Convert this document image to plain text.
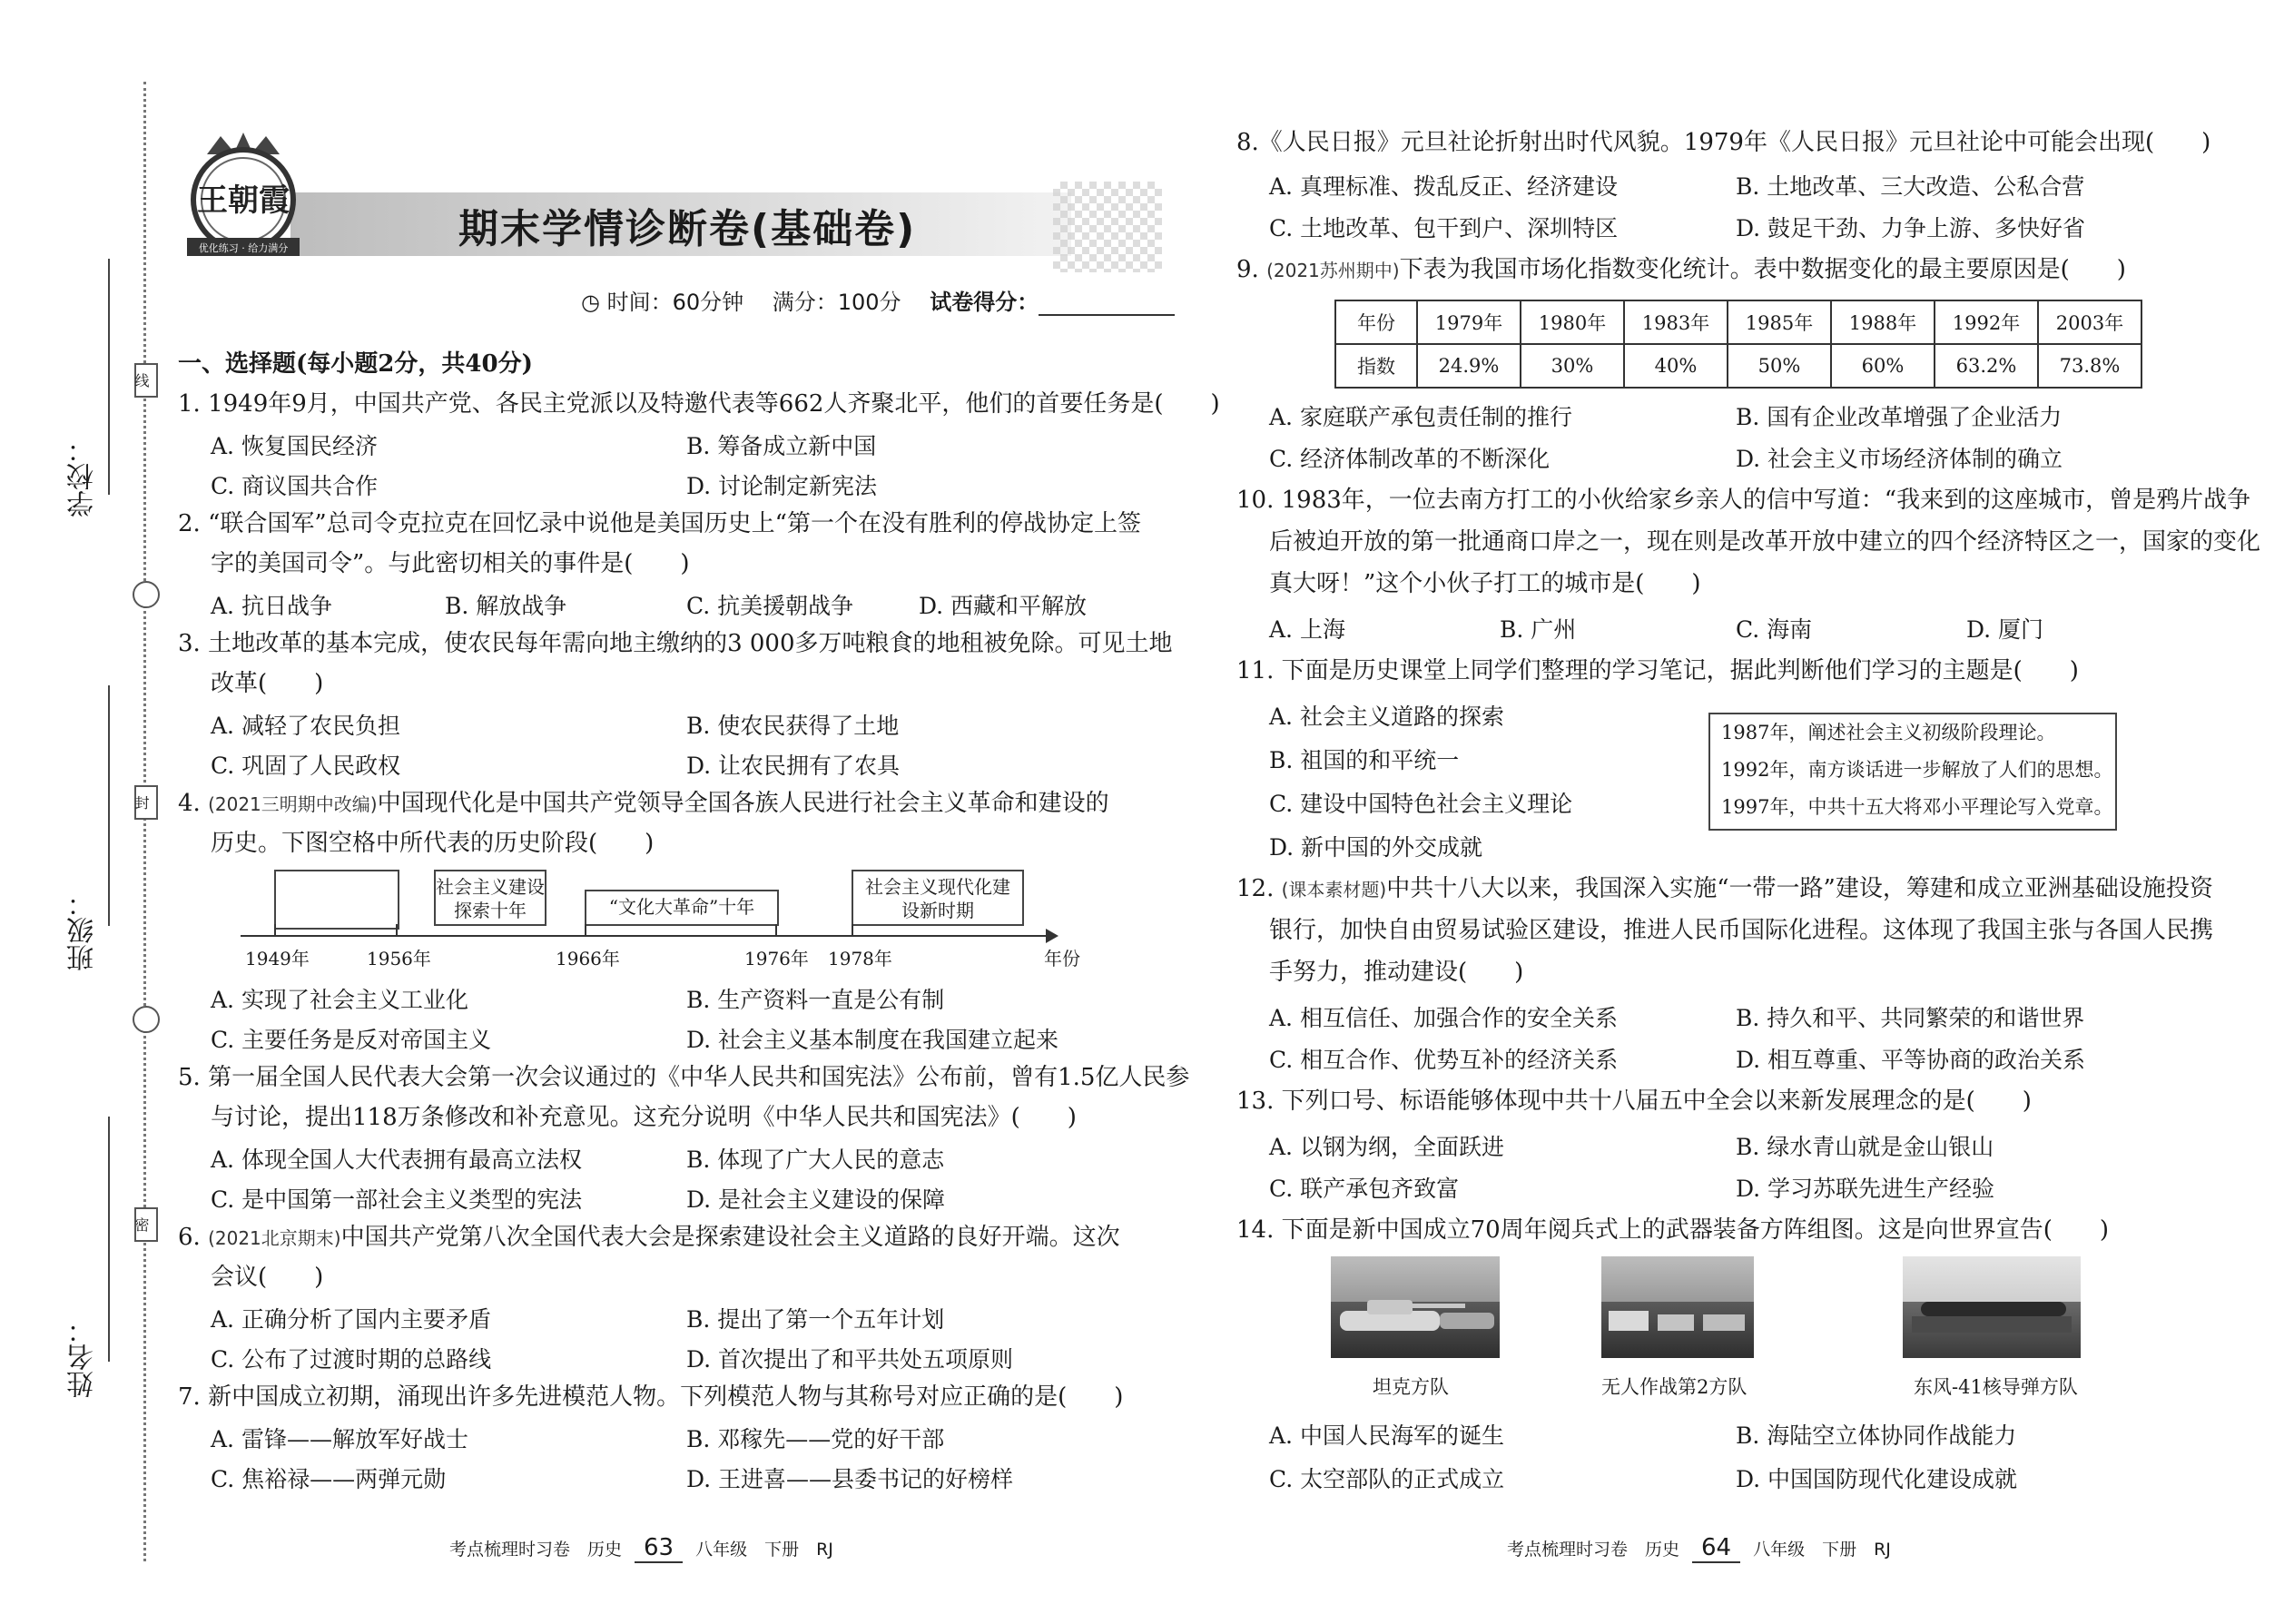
学校：
班级：
姓名：
线
封
密
王朝霞
优化练习 · 给力满分	期末学情诊断卷(基础卷)
◷ 时间：60分钟 满分：100分 试卷得分：
一、选择题(每小题2分，共40分)
1. 1949年9月，中国共产党、各民主党派以及特邀代表等662人齐聚北平，他们的首要任务是(　　)
A. 恢复国民经济	B. 筹备成立新中国
C. 商议国共合作	D. 讨论制定新宪法
2. “联合国军”总司令克拉克在回忆录中说他是美国历史上“第一个在没有胜利的停战协定上签
字的美国司令”。与此密切相关的事件是(　　)
A. 抗日战争	B. 解放战争	C. 抗美援朝战争	D. 西藏和平解放
3. 土地改革的基本完成，使农民每年需向地主缴纳的3 000多万吨粮食的地租被免除。可见土地
改革(　　)
A. 减轻了农民负担	B. 使农民获得了土地
C. 巩固了人民政权	D. 让农民拥有了农具
4. (2021三明期中改编)中国现代化是中国共产党领导全国各族人民进行社会主义革命和建设的
历史。下图空格中所代表的历史阶段(　　)
社会主义建设探索十年	“文化大革命”十年
社会主义现代化建设新时期
1949年	1956年	1966年	1976年 1978年	年份
A. 实现了社会主义工业化	B. 生产资料一直是公有制
C. 主要任务是反对帝国主义	D. 社会主义基本制度在我国建立起来
5. 第一届全国人民代表大会第一次会议通过的《中华人民共和国宪法》公布前，曾有1.5亿人民参
与讨论，提出118万条修改和补充意见。这充分说明《中华人民共和国宪法》(　　)
A. 体现全国人大代表拥有最高立法权	B. 体现了广大人民的意志
C. 是中国第一部社会主义类型的宪法	D. 是社会主义建设的保障
6. (2021北京期末)中国共产党第八次全国代表大会是探索建设社会主义道路的良好开端。这次
会议(　　)
A. 正确分析了国内主要矛盾	B. 提出了第一个五年计划
C. 公布了过渡时期的总路线	D. 首次提出了和平共处五项原则
7. 新中国成立初期，涌现出许多先进模范人物。下列模范人物与其称号对应正确的是(　　)
A. 雷锋——解放军好战士	B. 邓稼先——党的好干部
C. 焦裕禄——两弹元勋	D. 王进喜——县委书记的好榜样
考点梳理时习卷　历史 63 八年级　下册　RJ
8.《人民日报》元旦社论折射出时代风貌。1979年《人民日报》元旦社论中可能会出现(　　)
A. 真理标准、拨乱反正、经济建设	B. 土地改革、三大改造、公私合营
C. 土地改革、包干到户、深圳特区	D. 鼓足干劲、力争上游、多快好省
9. (2021苏州期中)下表为我国市场化指数变化统计。表中数据变化的最主要原因是(　　)
年份	1979年	1980年	1983年	1985年	1988年	1992年	2003年
指数	24.9%	30%	40%	50%	60%	63.2%	73.8%
A. 家庭联产承包责任制的推行	B. 国有企业改革增强了企业活力
C. 经济体制改革的不断深化	D. 社会主义市场经济体制的确立
10. 1983年，一位去南方打工的小伙给家乡亲人的信中写道：“我来到的这座城市，曾是鸦片战争
后被迫开放的第一批通商口岸之一，现在则是改革开放中建立的四个经济特区之一，国家的变化
真大呀！”这个小伙子打工的城市是(　　)
A. 上海	B. 广州	C. 海南	D. 厦门
11. 下面是历史课堂上同学们整理的学习笔记，据此判断他们学习的主题是(　　)
A. 社会主义道路的探索
B. 祖国的和平统一
C. 建设中国特色社会主义理论
D. 新中国的外交成就
1987年，阐述社会主义初级阶段理论。
1992年，南方谈话进一步解放了人们的思想。
1997年，中共十五大将邓小平理论写入党章。
12. (课本素材题)中共十八大以来，我国深入实施“一带一路”建设，筹建和成立亚洲基础设施投资
银行，加快自由贸易试验区建设，推进人民币国际化进程。这体现了我国主张与各国人民携
手努力，推动建设(　　)
A. 相互信任、加强合作的安全关系	B. 持久和平、共同繁荣的和谐世界
C. 相互合作、优势互补的经济关系	D. 相互尊重、平等协商的政治关系
13. 下列口号、标语能够体现中共十八届五中全会以来新发展理念的是(　　)
A. 以钢为纲，全面跃进	B. 绿水青山就是金山银山
C. 联产承包齐致富	D. 学习苏联先进生产经验
14. 下面是新中国成立70周年阅兵式上的武器装备方阵组图。这是向世界宣告(　　)
坦克方队	无人作战第2方队	东风-41核导弹方队
A. 中国人民海军的诞生	B. 海陆空立体协同作战能力
C. 太空部队的正式成立	D. 中国国防现代化建设成就
考点梳理时习卷　历史 64 八年级　下册　RJ
